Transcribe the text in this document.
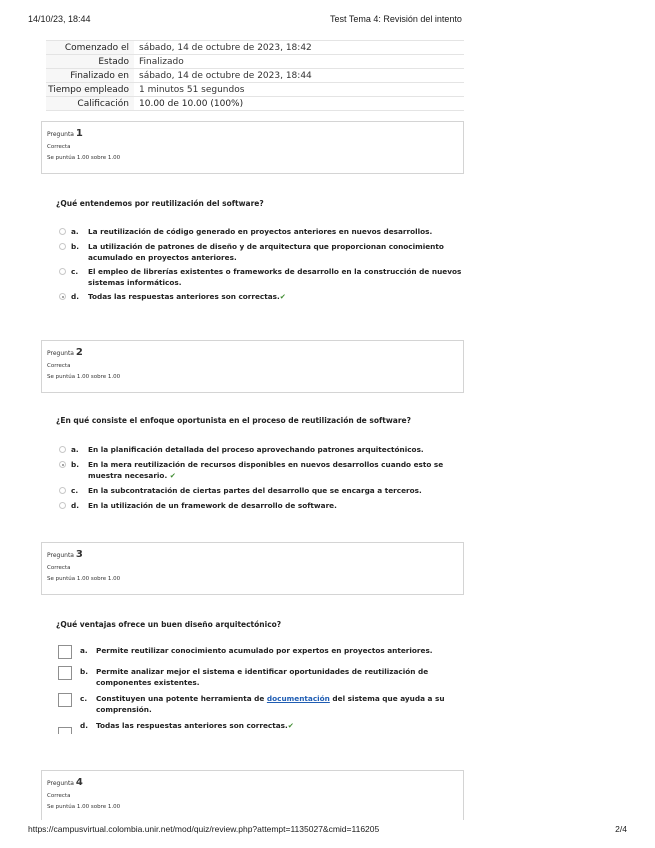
14/10/23, 18:44	Test Tema 4: Revisión del intento
Comenzado el	sábado, 14 de octubre de 2023, 18:42
Estado	Finalizado
Finalizado en	sábado, 14 de octubre de 2023, 18:44
Tiempo empleado	1 minutos 51 segundos
Calificación	10.00 de 10.00 (100%)
Pregunta 1
Correcta
Se puntúa 1.00 sobre 1.00
¿Qué entendemos por reutilización del software?
a. La reutilización de código generado en proyectos anteriores en nuevos desarrollos.
b. La utilización de patrones de diseño y de arquitectura que proporcionan conocimiento acumulado en proyectos anteriores.
c. El empleo de librerías existentes o frameworks de desarrollo en la construcción de nuevos sistemas informáticos.
d. Todas las respuestas anteriores son correctas.✔
Pregunta 2
Correcta
Se puntúa 1.00 sobre 1.00
¿En qué consiste el enfoque oportunista en el proceso de reutilización de software?
a. En la planificación detallada del proceso aprovechando patrones arquitectónicos.
b. En la mera reutilización de recursos disponibles en nuevos desarrollos cuando esto se muestra necesario. ✔
c. En la subcontratación de ciertas partes del desarrollo que se encarga a terceros.
d. En la utilización de un framework de desarrollo de software.
Pregunta 3
Correcta
Se puntúa 1.00 sobre 1.00
¿Qué ventajas ofrece un buen diseño arquitectónico?
a. Permite reutilizar conocimiento acumulado por expertos en proyectos anteriores.
b. Permite analizar mejor el sistema e identificar oportunidades de reutilización de componentes existentes.
c. Constituyen una potente herramienta de documentación del sistema que ayuda a su comprensión.
d. Todas las respuestas anteriores son correctas.✔
Pregunta 4
Correcta
Se puntúa 1.00 sobre 1.00
https://campusvirtual.colombia.unir.net/mod/quiz/review.php?attempt=1135027&cmid=116205	2/4
